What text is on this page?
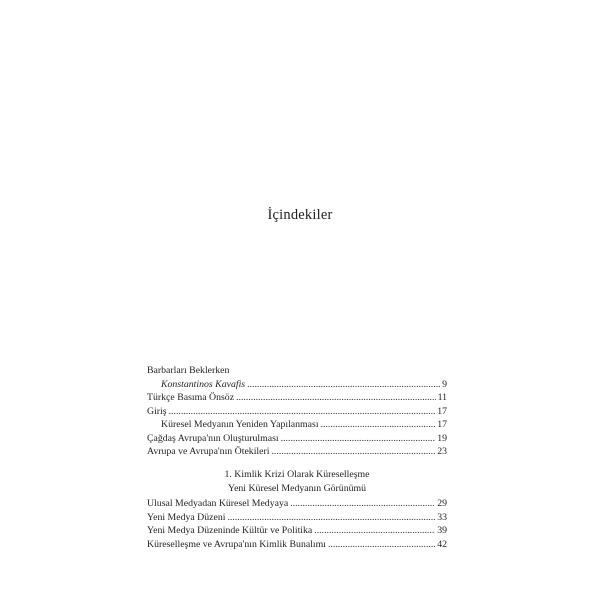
İçindekiler
Barbarları Beklerken
Konstantinos Kavafis .....	9
Türkçe Basıma Önsöz .....	11
Giriş .....	17
Küresel Medyanın Yeniden Yapılanması .....	17
Çağdaş Avrupa'nın Oluşturulması .....	19
Avrupa ve Avrupa'nın Ötekileri .....	23
1. Kimlik Krizi Olarak Küreselleşme
Yeni Küresel Medyanın Görünümü
Ulusal Medyadan Küresel Medyaya .....	29
Yeni Medya Düzeni .....	33
Yeni Medya Düzeninde Kültür ve Politika .....	39
Küreselleşme ve Avrupa'nın Kimlik Bunalımı .....	42
